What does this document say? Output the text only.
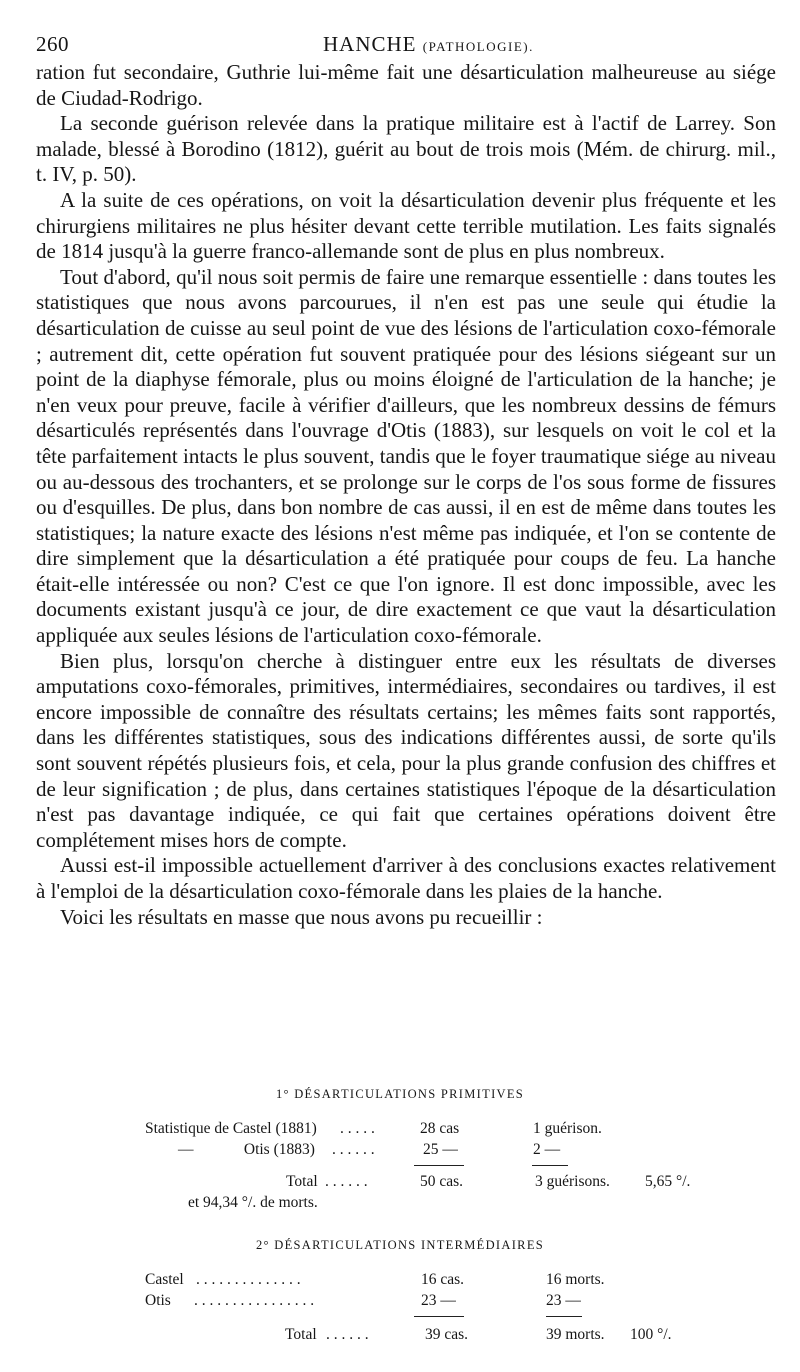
260	HANCHE (PATHOLOGIE).

ration fut secondaire, Guthrie lui-même fait une désarticulation malheureuse au siége de Ciudad-Rodrigo.

La seconde guérison relevée dans la pratique militaire est à l'actif de Larrey. Son malade, blessé à Borodino (1812), guérit au bout de trois mois (Mém. de chirurg. mil., t. IV, p. 50).

A la suite de ces opérations, on voit la désarticulation devenir plus fréquente et les chirurgiens militaires ne plus hésiter devant cette terrible mutilation. Les faits signalés de 1814 jusqu'à la guerre franco-allemande sont de plus en plus nombreux.

Tout d'abord, qu'il nous soit permis de faire une remarque essentielle : dans toutes les statistiques que nous avons parcourues, il n'en est pas une seule qui étudie la désarticulation de cuisse au seul point de vue des lésions de l'articulation coxo-fémorale ; autrement dit, cette opération fut souvent pratiquée pour des lésions siégeant sur un point de la diaphyse fémorale, plus ou moins éloigné de l'articulation de la hanche; je n'en veux pour preuve, facile à vérifier d'ailleurs, que les nombreux dessins de fémurs désarticulés représentés dans l'ouvrage d'Otis (1883), sur lesquels on voit le col et la tête parfaitement intacts le plus souvent, tandis que le foyer traumatique siége au niveau ou au-dessous des trochanters, et se prolonge sur le corps de l'os sous forme de fissures ou d'esquilles. De plus, dans bon nombre de cas aussi, il en est de même dans toutes les statistiques; la nature exacte des lésions n'est même pas indiquée, et l'on se contente de dire simplement que la désarticulation a été pratiquée pour coups de feu. La hanche était-elle intéressée ou non? C'est ce que l'on ignore. Il est donc impossible, avec les documents existant jusqu'à ce jour, de dire exactement ce que vaut la désarticulation appliquée aux seules lésions de l'articulation coxo-fémorale.

Bien plus, lorsqu'on cherche à distinguer entre eux les résultats de diverses amputations coxo-fémorales, primitives, intermédiaires, secondaires ou tardives, il est encore impossible de connaître des résultats certains; les mêmes faits sont rapportés, dans les différentes statistiques, sous des indications différentes aussi, de sorte qu'ils sont souvent répétés plusieurs fois, et cela, pour la plus grande confusion des chiffres et de leur signification ; de plus, dans certaines statistiques l'époque de la désarticulation n'est pas davantage indiquée, ce qui fait que certaines opérations doivent être complétement mises hors de compte.

Aussi est-il impossible actuellement d'arriver à des conclusions exactes relativement à l'emploi de la désarticulation coxo-fémorale dans les plaies de la hanche.

Voici les résultats en masse que nous avons pu recueillir :

1° DÉSARTICULATIONS PRIMITIVES
Statistique de Castel (1881) . . . . .	28 cas	1 guérison.
—             Otis (1883) . . . . . .	25 —	2 —
Total . . . . . .	50 cas.	3 guérisons. 5,65 °/.
et 94,34 °/. de morts.
2° DÉSARTICULATIONS INTERMÉDIAIRES
Castel . . . . . . . . . . . . . .	16 cas.	16 morts.
Otis . . . . . . . . . . . . . . . .	23 —	23 —
Total . . . . . .	39 cas.	39 morts. 100 °/.
